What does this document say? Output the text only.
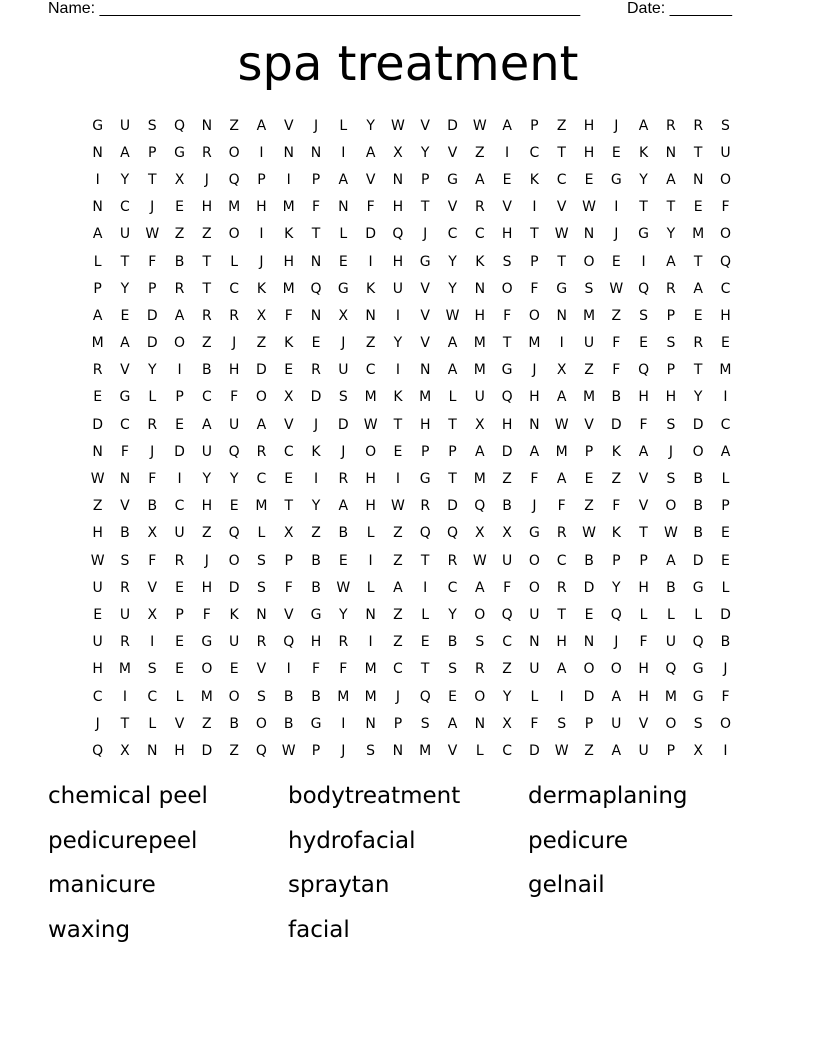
Name: ______________________________________________________	Date: _______
spa treatment
G	U	S	Q	N	Z	A	V	J	L	Y	W	V	D	W	A	P	Z	H	J	A	R	R	S
N	A	P	G	R	O	I	N	N	I	A	X	Y	V	Z	I	C	T	H	E	K	N	T	U
I	Y	T	X	J	Q	P	I	P	A	V	N	P	G	A	E	K	C	E	G	Y	A	N	O
N	C	J	E	H	M	H	M	F	N	F	H	T	V	R	V	I	V	W	I	T	T	E	F
A	U	W	Z	Z	O	I	K	T	L	D	Q	J	C	C	H	T	W	N	J	G	Y	M	O
L	T	F	B	T	L	J	H	N	E	I	H	G	Y	K	S	P	T	O	E	I	A	T	Q
P	Y	P	R	T	C	K	M	Q	G	K	U	V	Y	N	O	F	G	S	W	Q	R	A	C
A	E	D	A	R	R	X	F	N	X	N	I	V	W	H	F	O	N	M	Z	S	P	E	H
M	A	D	O	Z	J	Z	K	E	J	Z	Y	V	A	M	T	M	I	U	F	E	S	R	E
R	V	Y	I	B	H	D	E	R	U	C	I	N	A	M	G	J	X	Z	F	Q	P	T	M
E	G	L	P	C	F	O	X	D	S	M	K	M	L	U	Q	H	A	M	B	H	H	Y	I
D	C	R	E	A	U	A	V	J	D	W	T	H	T	X	H	N	W	V	D	F	S	D	C
N	F	J	D	U	Q	R	C	K	J	O	E	P	P	A	D	A	M	P	K	A	J	O	A
W	N	F	I	Y	Y	C	E	I	R	H	I	G	T	M	Z	F	A	E	Z	V	S	B	L
Z	V	B	C	H	E	M	T	Y	A	H	W	R	D	Q	B	J	F	Z	F	V	O	B	P
H	B	X	U	Z	Q	L	X	Z	B	L	Z	Q	Q	X	X	G	R	W	K	T	W	B	E
W	S	F	R	J	O	S	P	B	E	I	Z	T	R	W	U	O	C	B	P	P	A	D	E
U	R	V	E	H	D	S	F	B	W	L	A	I	C	A	F	O	R	D	Y	H	B	G	L
E	U	X	P	F	K	N	V	G	Y	N	Z	L	Y	O	Q	U	T	E	Q	L	L	L	D
U	R	I	E	G	U	R	Q	H	R	I	Z	E	B	S	C	N	H	N	J	F	U	Q	B
H	M	S	E	O	E	V	I	F	F	M	C	T	S	R	Z	U	A	O	O	H	Q	G	J
C	I	C	L	M	O	S	B	B	M	M	J	Q	E	O	Y	L	I	D	A	H	M	G	F
J	T	L	V	Z	B	O	B	G	I	N	P	S	A	N	X	F	S	P	U	V	O	S	O
Q	X	N	H	D	Z	Q	W	P	J	S	N	M	V	L	C	D	W	Z	A	U	P	X	I
chemical peel	bodytreatment	dermaplaning
pedicurepeel	hydrofacial	pedicure
manicure	spraytan	gelnail
waxing	facial
